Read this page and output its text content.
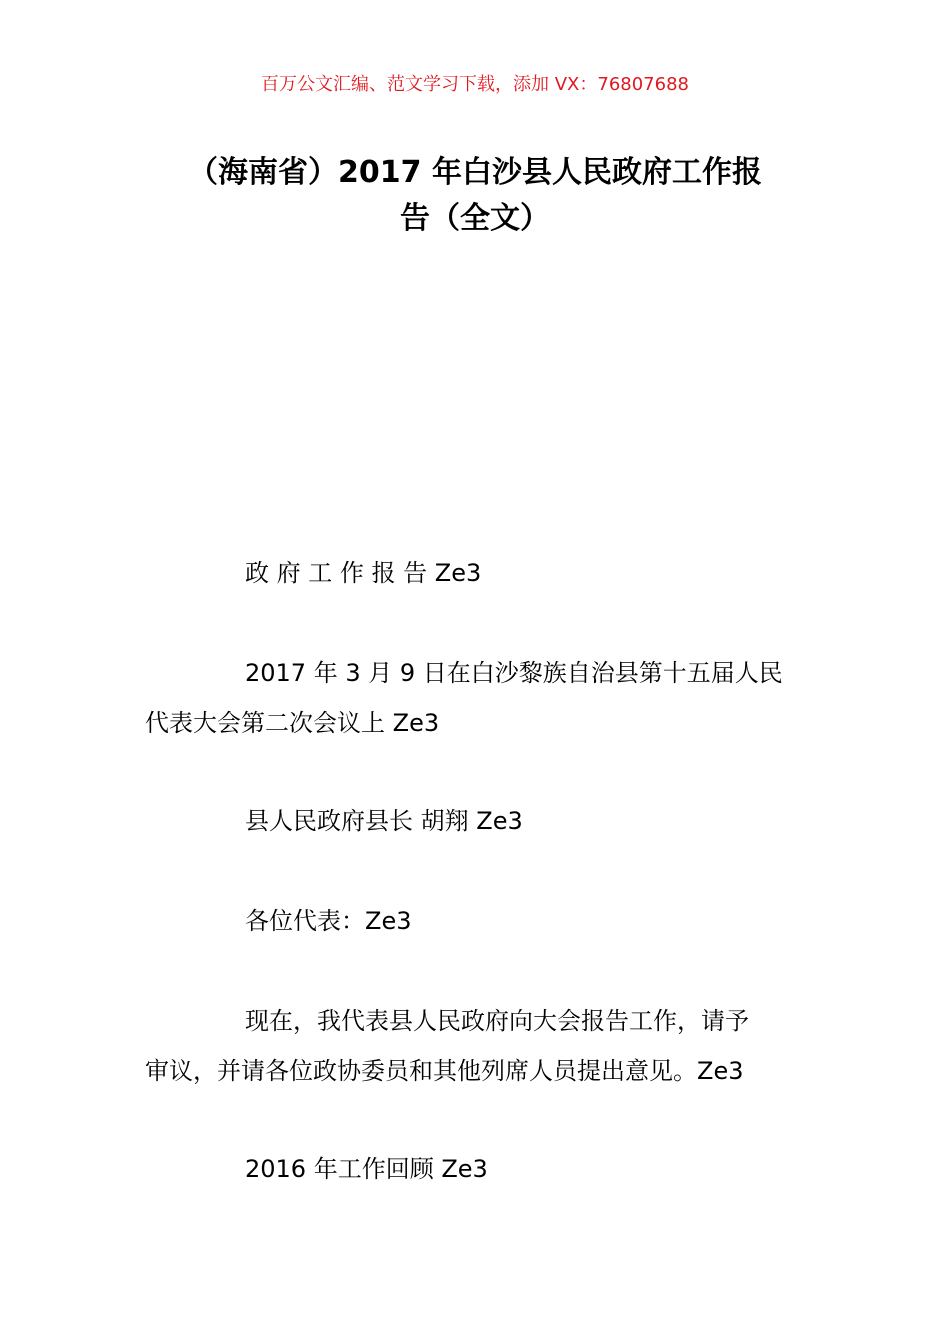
百万公文汇编、范文学习下载，添加 VX：76807688
（海南省）2017 年白沙县人民政府工作报
告（全文）
政 府 工 作 报 告 Ze3
2017 年 3 月 9 日在白沙黎族自治县第十五届人民
代表大会第二次会议上 Ze3
县人民政府县长 胡翔 Ze3
各位代表：Ze3
现在，我代表县人民政府向大会报告工作，请予
审议，并请各位政协委员和其他列席人员提出意见。Ze3
2016 年工作回顾 Ze3
